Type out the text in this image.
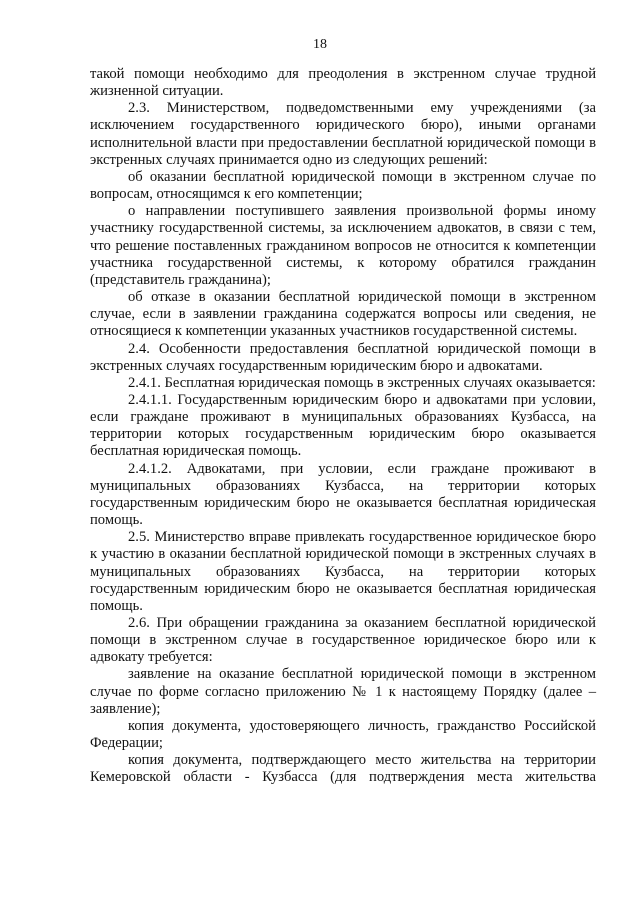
18

такой помощи необходимо для преодоления в экстренном случае трудной жизненной ситуации.

2.3. Министерством, подведомственными ему учреждениями (за исключением государственного юридического бюро), иными органами исполнительной власти при предоставлении бесплатной юридической помощи в экстренных случаях принимается одно из следующих решений:

об оказании бесплатной юридической помощи в экстренном случае по вопросам, относящимся к его компетенции;

о направлении поступившего заявления произвольной формы иному участнику государственной системы, за исключением адвокатов, в связи с тем, что решение поставленных гражданином вопросов не относится к компетенции участника государственной системы, к которому обратился гражданин (представитель гражданина);

об отказе в оказании бесплатной юридической помощи в экстренном случае, если в заявлении гражданина содержатся вопросы или сведения, не относящиеся к компетенции указанных участников государственной системы.

2.4. Особенности предоставления бесплатной юридической помощи в экстренных случаях государственным юридическим бюро и адвокатами.

2.4.1. Бесплатная юридическая помощь в экстренных случаях оказывается:

2.4.1.1. Государственным юридическим бюро и адвокатами при условии, если граждане проживают в муниципальных образованиях Кузбасса, на территории которых государственным юридическим бюро оказывается бесплатная юридическая помощь.

2.4.1.2. Адвокатами, при условии, если граждане проживают в муниципальных образованиях Кузбасса, на территории которых государственным юридическим бюро не оказывается бесплатная юридическая помощь.

2.5. Министерство вправе привлекать государственное юридическое бюро к участию в оказании бесплатной юридической помощи в экстренных случаях в муниципальных образованиях Кузбасса, на территории которых государственным юридическим бюро не оказывается бесплатная юридическая помощь.

2.6. При обращении гражданина за оказанием бесплатной юридической помощи в экстренном случае в государственное юридическое бюро или к адвокату требуется:

заявление на оказание бесплатной юридической помощи в экстренном случае по форме согласно приложению № 1 к настоящему Порядку (далее – заявление);

копия документа, удостоверяющего личность, гражданство Российской Федерации;

копия документа, подтверждающего место жительства на территории Кемеровской области - Кузбасса (для подтверждения места жительства
